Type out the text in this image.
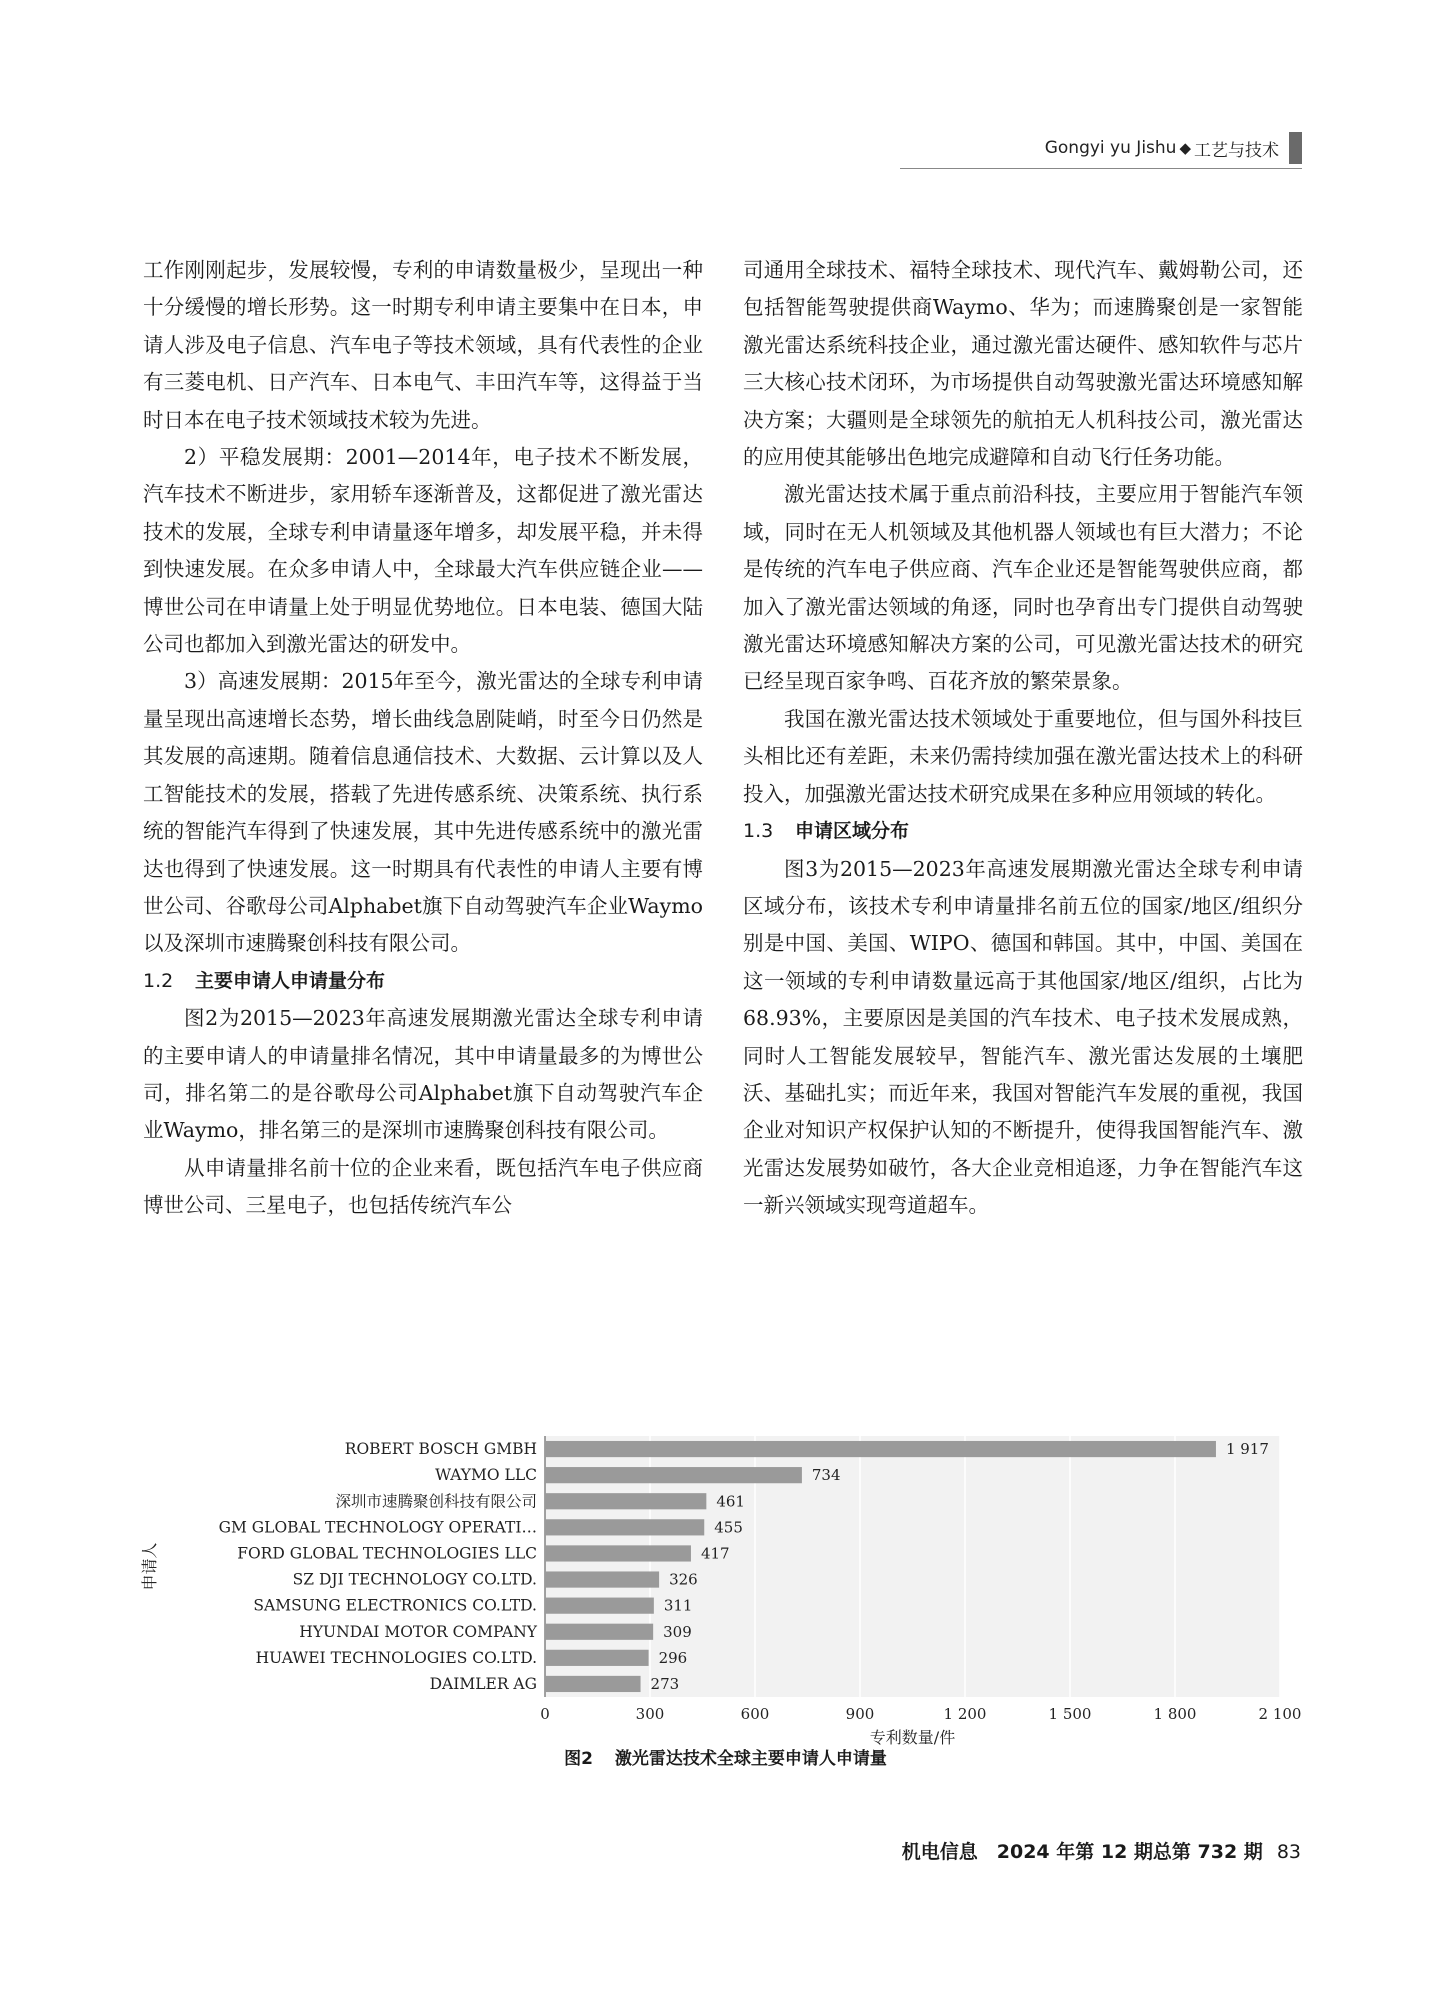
Gongyi yu Jishu ◆ 工艺与技术

工作刚刚起步，发展较慢，专利的申请数量极少，呈现出一种十分缓慢的增长形势。这一时期专利申请主要集中在日本，申请人涉及电子信息、汽车电子等技术领域，具有代表性的企业有三菱电机、日产汽车、日本电气、丰田汽车等，这得益于当时日本在电子技术领域技术较为先进。

2）平稳发展期：2001—2014年，电子技术不断发展，汽车技术不断进步，家用轿车逐渐普及，这都促进了激光雷达技术的发展，全球专利申请量逐年增多，却发展平稳，并未得到快速发展。在众多申请人中，全球最大汽车供应链企业——博世公司在申请量上处于明显优势地位。日本电装、德国大陆公司也都加入到激光雷达的研发中。

3）高速发展期：2015年至今，激光雷达的全球专利申请量呈现出高速增长态势，增长曲线急剧陡峭，时至今日仍然是其发展的高速期。随着信息通信技术、大数据、云计算以及人工智能技术的发展，搭载了先进传感系统、决策系统、执行系统的智能汽车得到了快速发展，其中先进传感系统中的激光雷达也得到了快速发展。这一时期具有代表性的申请人主要有博世公司、谷歌母公司Alphabet旗下自动驾驶汽车企业Waymo以及深圳市速腾聚创科技有限公司。

1.2 主要申请人申请量分布

图2为2015—2023年高速发展期激光雷达全球专利申请的主要申请人的申请量排名情况，其中申请量最多的为博世公司，排名第二的是谷歌母公司Alphabet旗下自动驾驶汽车企业Waymo，排名第三的是深圳市速腾聚创科技有限公司。

从申请量排名前十位的企业来看，既包括汽车电子供应商博世公司、三星电子，也包括传统汽车公

司通用全球技术、福特全球技术、现代汽车、戴姆勒公司，还包括智能驾驶提供商Waymo、华为；而速腾聚创是一家智能激光雷达系统科技企业，通过激光雷达硬件、感知软件与芯片三大核心技术闭环，为市场提供自动驾驶激光雷达环境感知解决方案；大疆则是全球领先的航拍无人机科技公司，激光雷达的应用使其能够出色地完成避障和自动飞行任务功能。

激光雷达技术属于重点前沿科技，主要应用于智能汽车领域，同时在无人机领域及其他机器人领域也有巨大潜力；不论是传统的汽车电子供应商、汽车企业还是智能驾驶供应商，都加入了激光雷达领域的角逐，同时也孕育出专门提供自动驾驶激光雷达环境感知解决方案的公司，可见激光雷达技术的研究已经呈现百家争鸣、百花齐放的繁荣景象。

我国在激光雷达技术领域处于重要地位，但与国外科技巨头相比还有差距，未来仍需持续加强在激光雷达技术上的科研投入，加强激光雷达技术研究成果在多种应用领域的转化。

1.3 申请区域分布

图3为2015—2023年高速发展期激光雷达全球专利申请区域分布，该技术专利申请量排名前五位的国家/地区/组织分别是中国、美国、WIPO、德国和韩国。其中，中国、美国在这一领域的专利申请数量远高于其他国家/地区/组织，占比为68.93%，主要原因是美国的汽车技术、电子技术发展成熟，同时人工智能发展较早，智能汽车、激光雷达发展的土壤肥沃、基础扎实；而近年来，我国对智能汽车发展的重视，我国企业对知识产权保护认知的不断提升，使得我国智能汽车、激光雷达发展势如破竹，各大企业竞相追逐，力争在智能汽车这一新兴领域实现弯道超车。

0	300	600	900	1 200	1 500	1 800	2 100
1 917
ROBERT BOSCH GMBH
734
WAYMO LLC
461
深圳市速腾聚创科技有限公司
455
GM GLOBAL TECHNOLOGY OPERATI…
417
FORD GLOBAL TECHNOLOGIES LLC
326
SZ DJI TECHNOLOGY CO.LTD.
311
SAMSUNG ELECTRONICS CO.LTD.
309
HYUNDAI MOTOR COMPANY
296
HUAWEI TECHNOLOGIES CO.LTD.
273
DAIMLER AG
专利数量/件
申请人
图2 激光雷达技术全球主要申请人申请量
机电信息　2024 年第 12 期总第 732 期 83
